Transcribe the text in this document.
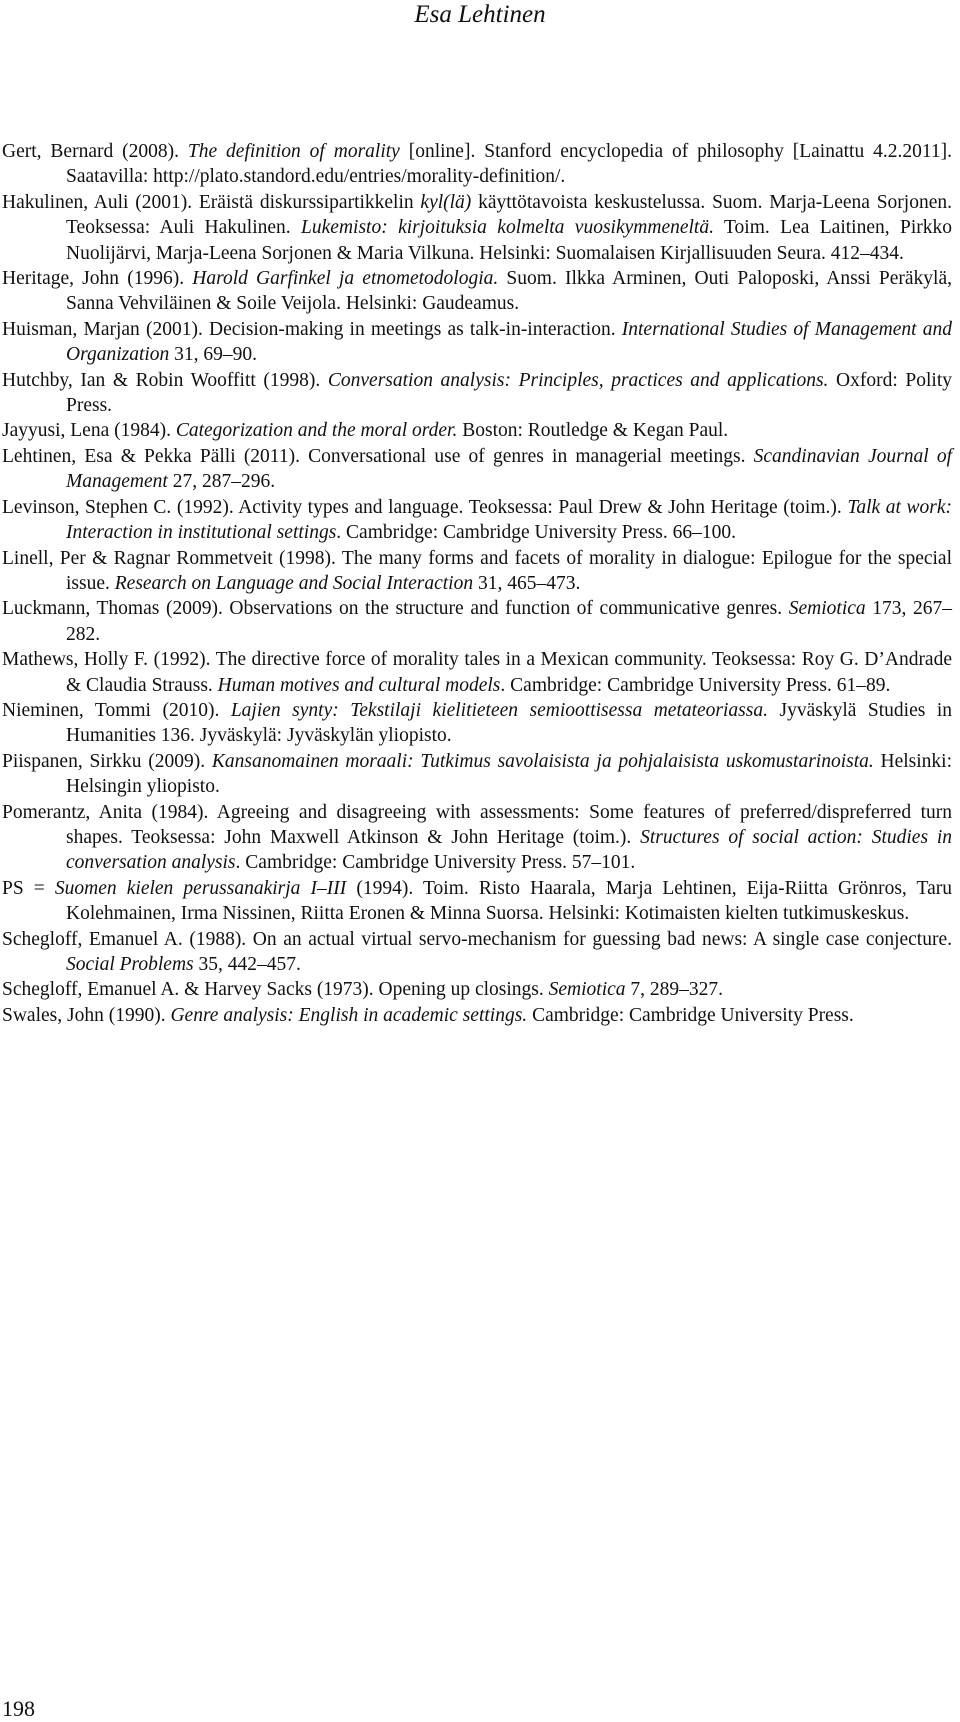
Esa Lehtinen

Gert, Bernard (2008). The definition of morality [online]. Stanford encyclopedia of philosophy [Lainattu 4.2.2011]. Saatavilla: http://plato.standord.edu/entries/morality-definition/.

Hakulinen, Auli (2001). Eräistä diskurssipartikkelin kyl(lä) käyttötavoista keskustelussa. Suom. Marja-Leena Sorjonen. Teoksessa: Auli Hakulinen. Lukemisto: kirjoituksia kolmelta vuosikymmeneltä. Toim. Lea Laitinen, Pirkko Nuolijärvi, Marja-Leena Sorjonen & Maria Vilkuna. Helsinki: Suomalaisen Kirjallisuuden Seura. 412–434.

Heritage, John (1996). Harold Garfinkel ja etnometodologia. Suom. Ilkka Arminen, Outi Paloposki, Anssi Peräkylä, Sanna Vehviläinen & Soile Veijola. Helsinki: Gaudeamus.

Huisman, Marjan (2001). Decision-making in meetings as talk-in-interaction. International Studies of Management and Organization 31, 69–90.

Hutchby, Ian & Robin Wooffitt (1998). Conversation analysis: Principles, practices and applications. Oxford: Polity Press.

Jayyusi, Lena (1984). Categorization and the moral order. Boston: Routledge & Kegan Paul.

Lehtinen, Esa & Pekka Pälli (2011). Conversational use of genres in managerial meetings. Scandinavian Journal of Management 27, 287–296.

Levinson, Stephen C. (1992). Activity types and language. Teoksessa: Paul Drew & John Heritage (toim.). Talk at work: Interaction in institutional settings. Cambridge: Cambridge University Press. 66–100.

Linell, Per & Ragnar Rommetveit (1998). The many forms and facets of morality in dialogue: Epilogue for the special issue. Research on Language and Social Interaction 31, 465–473.

Luckmann, Thomas (2009). Observations on the structure and function of communicative genres. Semiotica 173, 267–282.

Mathews, Holly F. (1992). The directive force of morality tales in a Mexican community. Teoksessa: Roy G. D’Andrade & Claudia Strauss. Human motives and cultural models. Cambridge: Cambridge University Press. 61–89.

Nieminen, Tommi (2010). Lajien synty: Tekstilaji kielitieteen semioottisessa metateoriassa. Jyväskylä Studies in Humanities 136. Jyväskylä: Jyväskylän yliopisto.

Piispanen, Sirkku (2009). Kansanomainen moraali: Tutkimus savolaisista ja pohjalaisista uskomustarinoista. Helsinki: Helsingin yliopisto.

Pomerantz, Anita (1984). Agreeing and disagreeing with assessments: Some features of preferred/dispreferred turn shapes. Teoksessa: John Maxwell Atkinson & John Heritage (toim.). Structures of social action: Studies in conversation analysis. Cambridge: Cambridge University Press. 57–101.

PS = Suomen kielen perussanakirja I–III (1994). Toim. Risto Haarala, Marja Lehtinen, Eija-Riitta Grönros, Taru Kolehmainen, Irma Nissinen, Riitta Eronen & Minna Suorsa. Helsinki: Kotimaisten kielten tutkimuskeskus.

Schegloff, Emanuel A. (1988). On an actual virtual servo-mechanism for guessing bad news: A single case conjecture. Social Problems 35, 442–457.

Schegloff, Emanuel A. & Harvey Sacks (1973). Opening up closings. Semiotica 7, 289–327.

Swales, John (1990). Genre analysis: English in academic settings. Cambridge: Cambridge University Press.

198
